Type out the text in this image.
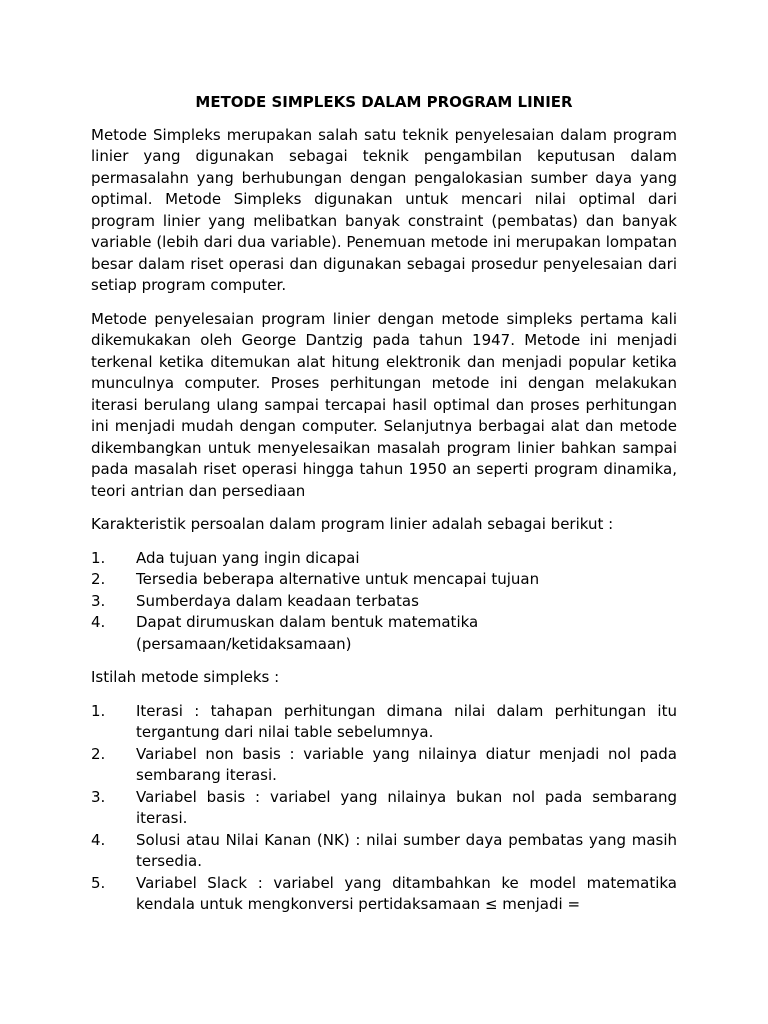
METODE SIMPLEKS DALAM PROGRAM LINIER

Metode Simpleks merupakan salah satu teknik penyelesaian dalam program linier yang digunakan sebagai teknik pengambilan keputusan dalam permasalahn yang berhubungan dengan pengalokasian sumber daya yang optimal. Metode Simpleks digunakan untuk mencari nilai optimal dari program linier yang melibatkan banyak constraint (pembatas) dan banyak variable (lebih dari dua variable). Penemuan metode ini merupakan lompatan besar dalam riset operasi dan digunakan sebagai prosedur penyelesaian dari setiap program computer.

Metode penyelesaian program linier dengan metode simpleks pertama kali dikemukakan oleh George Dantzig pada tahun 1947. Metode ini menjadi terkenal ketika ditemukan alat hitung elektronik dan menjadi popular ketika munculnya computer. Proses perhitungan metode ini dengan melakukan iterasi berulang ulang sampai tercapai hasil optimal dan proses perhitungan ini menjadi mudah dengan computer. Selanjutnya berbagai alat dan metode dikembangkan untuk menyelesaikan masalah program linier bahkan sampai pada masalah riset operasi hingga tahun 1950 an seperti program dinamika, teori antrian dan persediaan

Karakteristik persoalan dalam program linier adalah sebagai berikut :

1.	Ada tujuan yang ingin dicapai
2.	Tersedia beberapa alternative untuk mencapai tujuan
3.	Sumberdaya dalam keadaan terbatas
4.	Dapat dirumuskan dalam bentuk matematika
(persamaan/ketidaksamaan)

Istilah metode simpleks :

1.	Iterasi : tahapan perhitungan dimana nilai dalam perhitungan itu tergantung dari nilai table sebelumnya.
2.	Variabel non basis : variable yang nilainya diatur menjadi nol pada sembarang iterasi.
3.	Variabel basis : variabel yang nilainya bukan nol pada sembarang iterasi.
4.	Solusi atau Nilai Kanan (NK) : nilai sumber daya pembatas yang masih tersedia.
5.	Variabel Slack : variabel yang ditambahkan ke model matematika kendala untuk mengkonversi pertidaksamaan ≤ menjadi =
